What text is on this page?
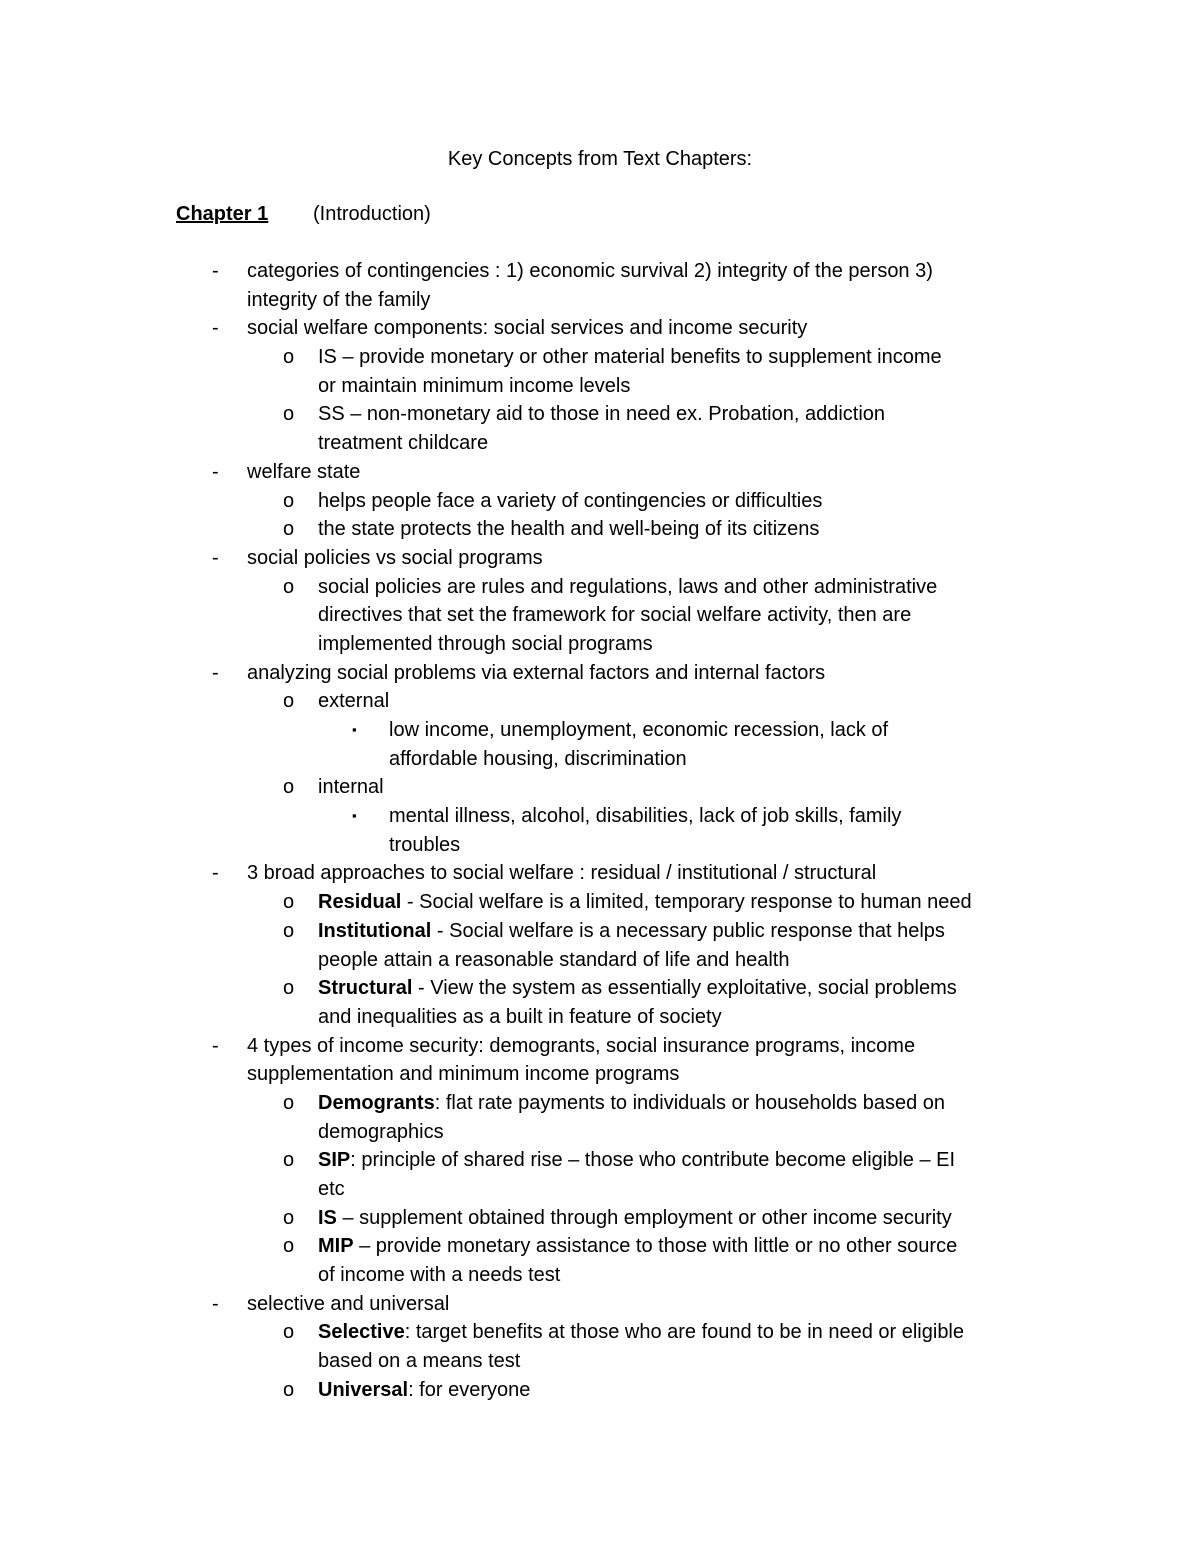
Key Concepts from Text Chapters:
Chapter 1 (Introduction)
- categories of contingencies : 1) economic survival 2) integrity of the person 3)
integrity of the family
- social welfare components: social services and income security
o IS – provide monetary or other material benefits to supplement income
or maintain minimum income levels
o SS – non-monetary aid to those in need ex. Probation, addiction
treatment childcare
- welfare state
o helps people face a variety of contingencies or difficulties
o the state protects the health and well-being of its citizens
- social policies vs social programs
o social policies are rules and regulations, laws and other administrative
directives that set the framework for social welfare activity, then are
implemented through social programs
- analyzing social problems via external factors and internal factors
o external
▪ low income, unemployment, economic recession, lack of
affordable housing, discrimination
o internal
▪ mental illness, alcohol, disabilities, lack of job skills, family
troubles
- 3 broad approaches to social welfare : residual / institutional / structural
o Residual - Social welfare is a limited, temporary response to human need
o Institutional - Social welfare is a necessary public response that helps
people attain a reasonable standard of life and health
o Structural - View the system as essentially exploitative, social problems
and inequalities as a built in feature of society
- 4 types of income security: demogrants, social insurance programs, income
supplementation and minimum income programs
o Demogrants: flat rate payments to individuals or households based on
demographics
o SIP: principle of shared rise – those who contribute become eligible – EI
etc
o IS – supplement obtained through employment or other income security
o MIP – provide monetary assistance to those with little or no other source
of income with a needs test
- selective and universal
o Selective: target benefits at those who are found to be in need or eligible
based on a means test
o Universal: for everyone
